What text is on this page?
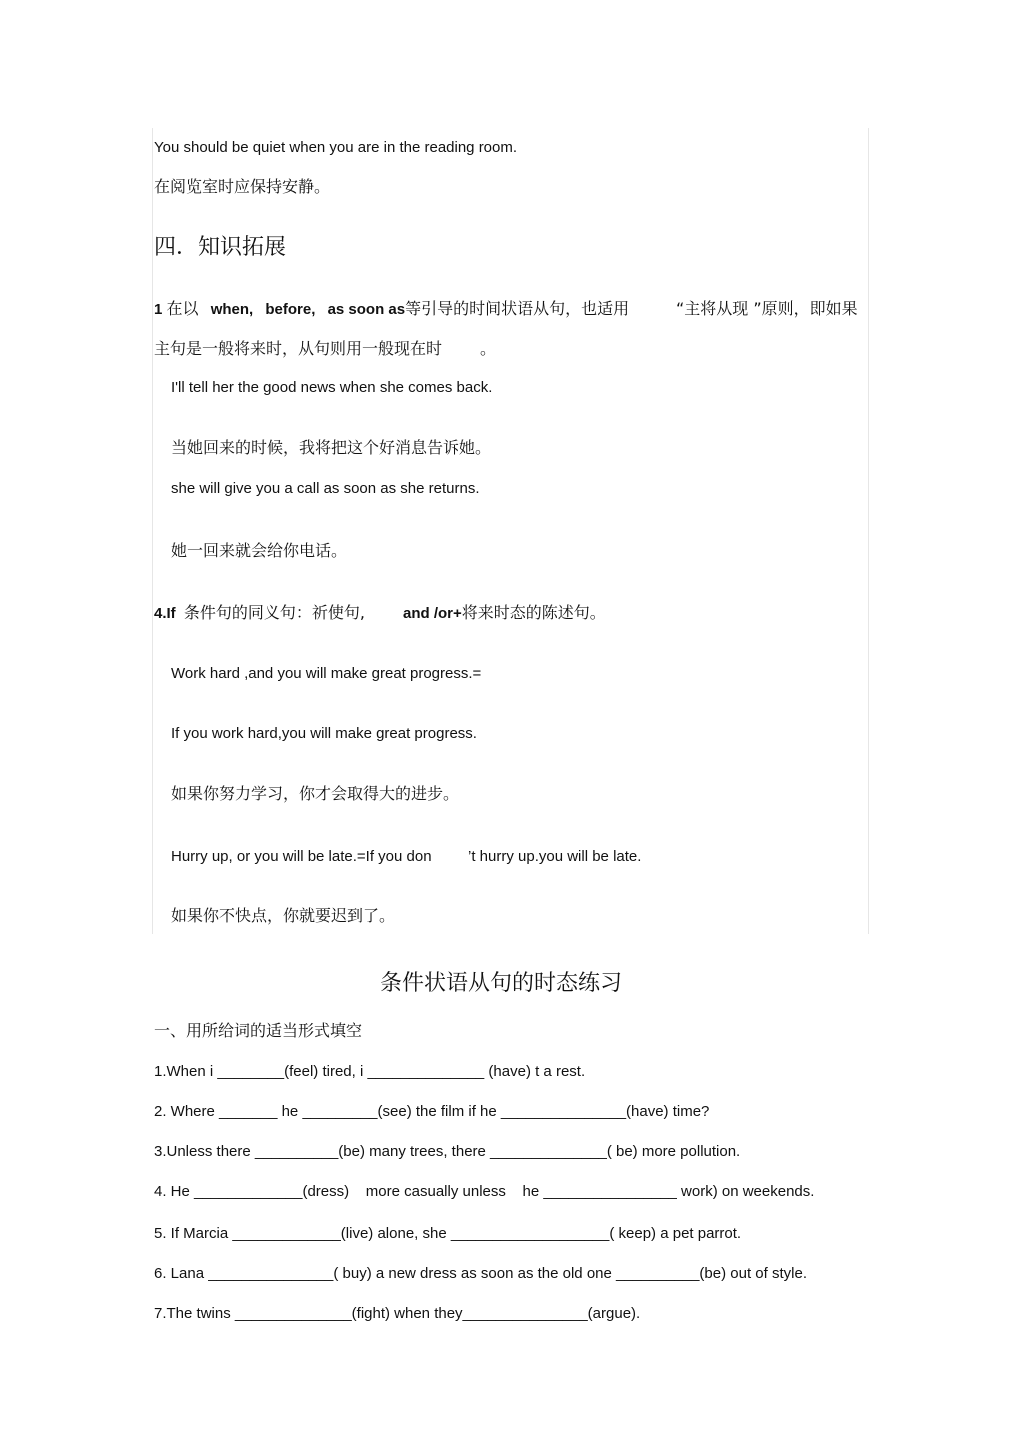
You should be quiet when you are in the reading room.
在阅览室时应保持安静。
四．知识拓展
1 在以 when, before, as soon as等引导的时间状语从句，也适用	“主将从现 ”原则，即如果
主句是一般将来时，从句则用一般现在时 。
I'll tell her the good news when she comes back.
当她回来的时候，我将把这个好消息告诉她。
she will give you a call as soon as she returns.
她一回来就会给你电话。
4.If 条件句的同义句：祈使句,	and /or+将来时态的陈述句。
Work hard ,and you will make great progress.=
If you work hard,you will make great progress.
如果你努力学习，你才会取得大的进步。
Hurry up, or you will be late.=If you don ’t hurry up.you will be late.
如果你不快点，你就要迟到了。
条件状语从句的时态练习
一、用所给词的适当形式填空
1.When i ________(feel) tired, i ______________ (have) t a rest.
2. Where _______ he _________(see) the film if he _______________(have) time?
3.Unless there __________(be) many trees, there ______________( be) more pollution.
4. He _____________(dress)    more casually unless    he ________________ work) on weekends.
5. If Marcia _____________(live) alone, she ___________________( keep) a pet parrot.
6. Lana _______________( buy) a new dress as soon as the old one __________(be) out of style.
7.The twins ______________(fight) when they_______________(argue).
